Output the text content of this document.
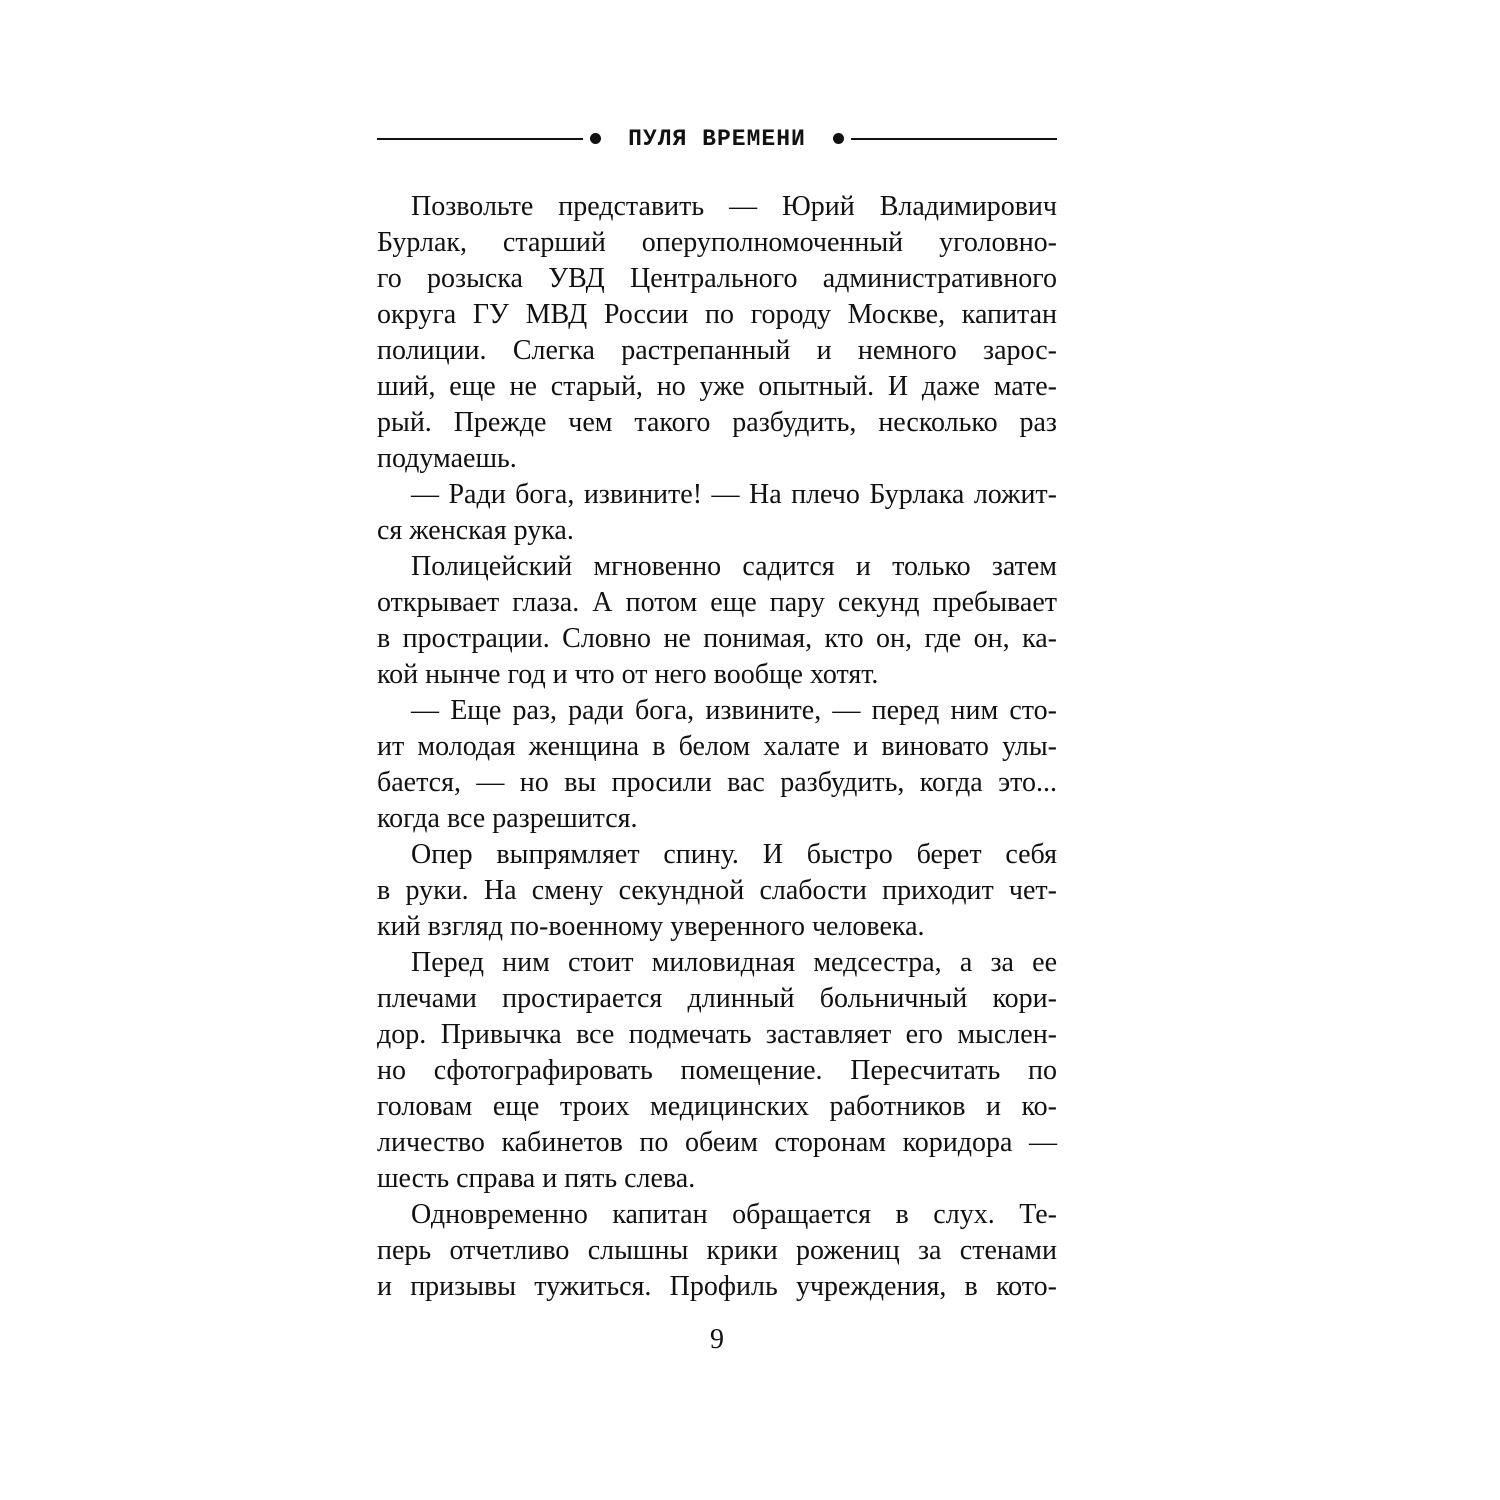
ПУЛЯ ВРЕМЕНИ
Позвольте представить — Юрий Владимирович
Бурлак, старший оперуполномоченный уголовно-
го розыска УВД Центрального административного
округа ГУ МВД России по городу Москве, капитан
полиции. Слегка растрепанный и немного зарос-
ший, еще не старый, но уже опытный. И даже мате-
рый. Прежде чем такого разбудить, несколько раз
подумаешь.
— Ради бога, извините! — На плечо Бурлака ложит-
ся женская рука.
Полицейский мгновенно садится и только затем
открывает глаза. А потом еще пару секунд пребывает
в прострации. Словно не понимая, кто он, где он, ка-
кой нынче год и что от него вообще хотят.
— Еще раз, ради бога, извините, — перед ним сто-
ит молодая женщина в белом халате и виновато улы-
бается, — но вы просили вас разбудить, когда это...
когда все разрешится.
Опер выпрямляет спину. И быстро берет себя
в руки. На смену секундной слабости приходит чет-
кий взгляд по-военному уверенного человека.
Перед ним стоит миловидная медсестра, а за ее
плечами простирается длинный больничный кори-
дор. Привычка все подмечать заставляет его мыслен-
но сфотографировать помещение. Пересчитать по
головам еще троих медицинских работников и ко-
личество кабинетов по обеим сторонам коридора —
шесть справа и пять слева.
Одновременно капитан обращается в слух. Те-
перь отчетливо слышны крики рожениц за стенами
и призывы тужиться. Профиль учреждения, в кото-
9
